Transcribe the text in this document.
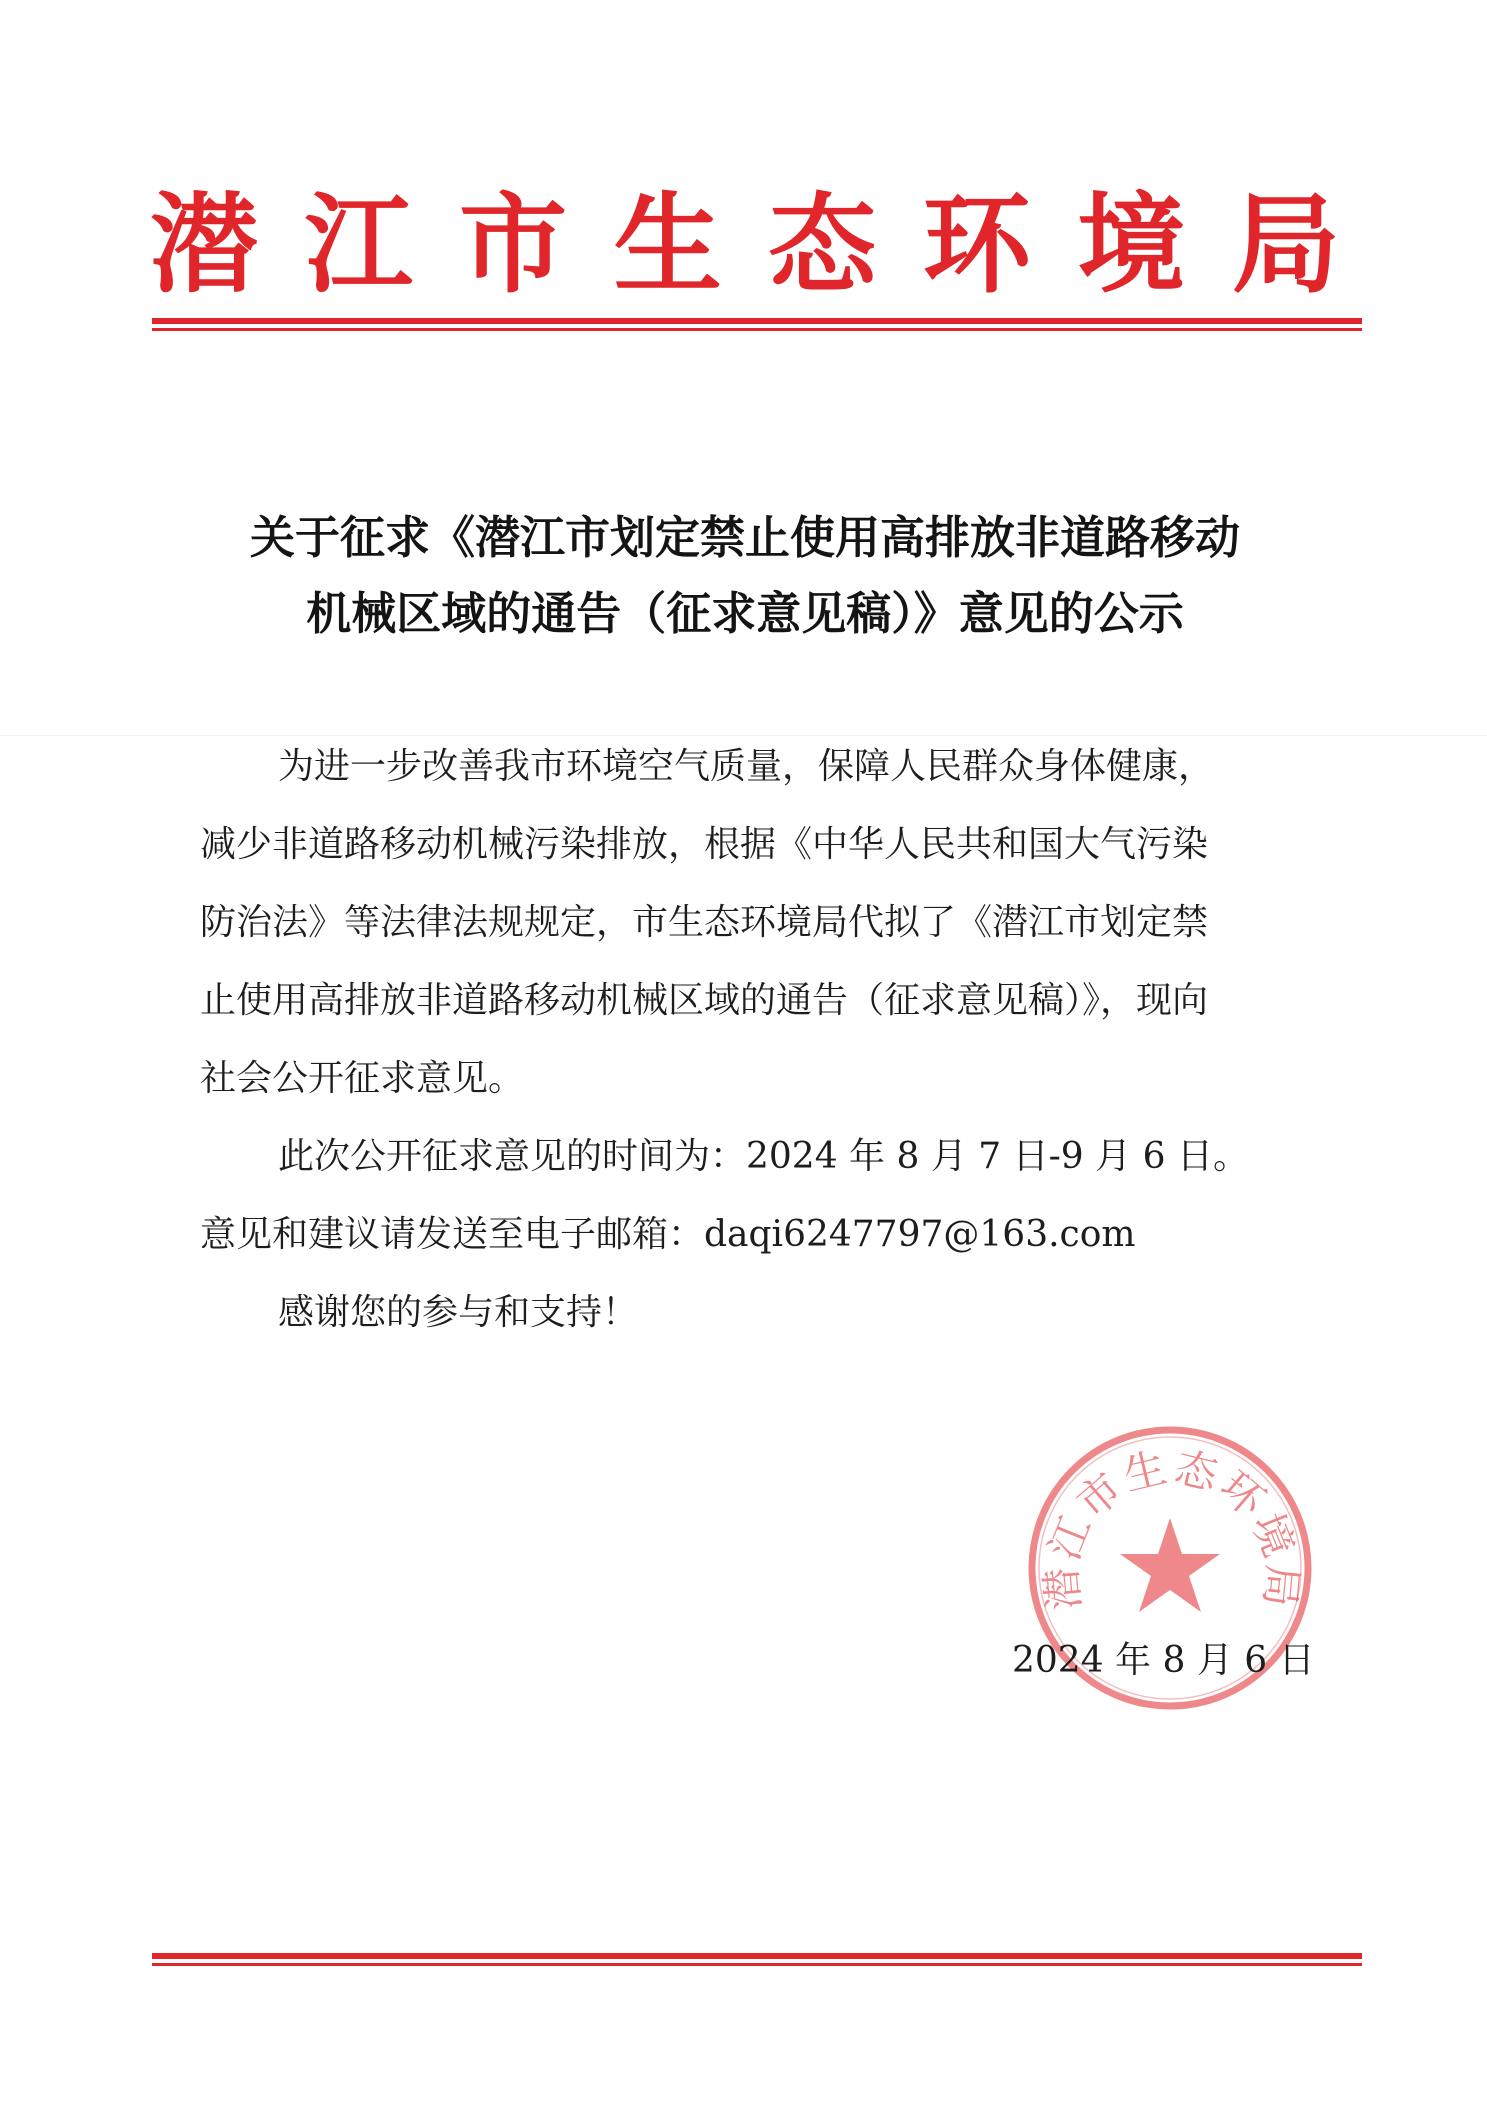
潜 江 市 生 态 环 境 局
关于征求《潜江市划定禁止使用高排放非道路移动
机械区域的通告（征求意见稿）》意见的公示
为进一步改善我市环境空气质量，保障人民群众身体健康，
减少非道路移动机械污染排放，根据《中华人民共和国大气污染
防治法》等法律法规规定，市生态环境局代拟了《潜江市划定禁
止使用高排放非道路移动机械区域的通告（征求意见稿）》，现向
社会公开征求意见。
此次公开征求意见的时间为：2024 年 8 月 7 日-9 月 6 日。
意见和建议请发送至电子邮箱：daqi6247797@163.com
感谢您的参与和支持！
潜江市生态环境局
2024 年 8 月 6 日
